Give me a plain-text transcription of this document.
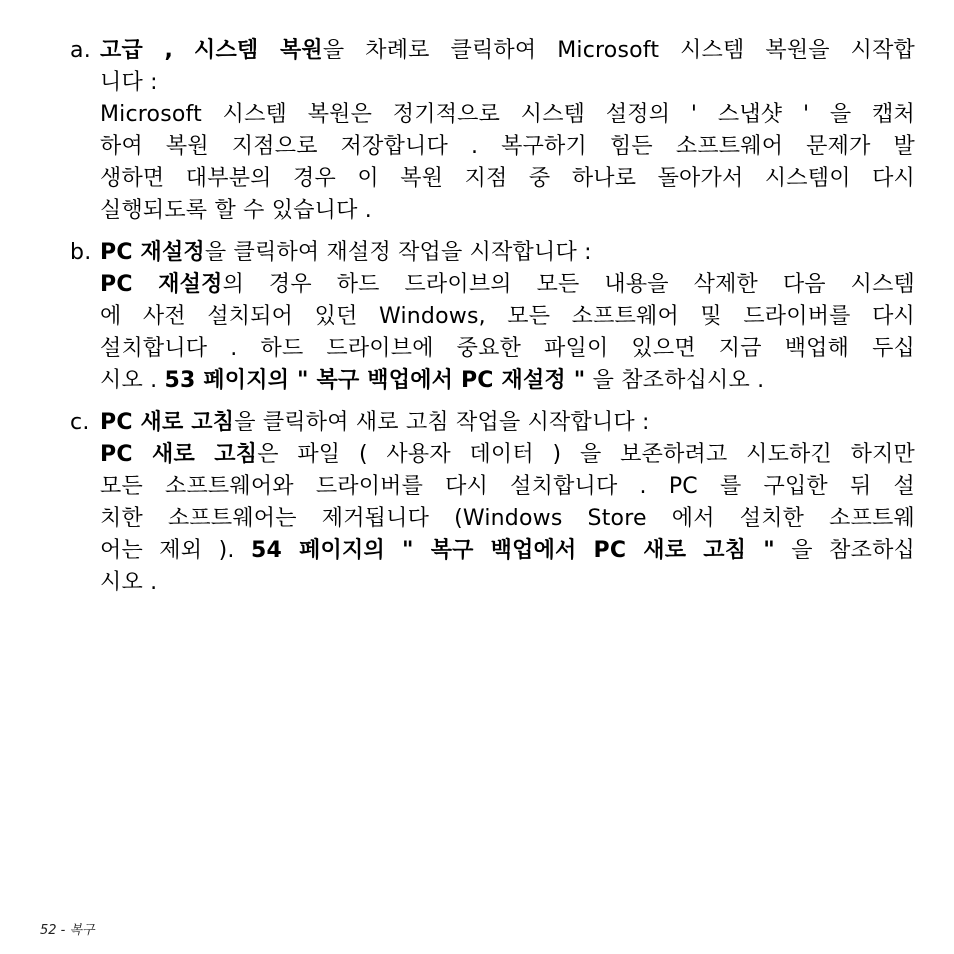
a. 고급 , 시스템 복원을 차례로 클릭하여 Microsoft 시스템 복원을 시작합
니다 :
Microsoft 시스템 복원은 정기적으로 시스템 설정의 ' 스냅샷 ' 을 캡처
하여 복원 지점으로 저장합니다 . 복구하기 힘든 소프트웨어 문제가 발
생하면 대부분의 경우 이 복원 지점 중 하나로 돌아가서 시스템이 다시
실행되도록 할 수 있습니다 .
b. PC 재설정을 클릭하여 재설정 작업을 시작합니다 :
PC 재설정의 경우 하드 드라이브의 모든 내용을 삭제한 다음 시스템
에 사전 설치되어 있던 Windows, 모든 소프트웨어 및 드라이버를 다시
설치합니다 . 하드 드라이브에 중요한 파일이 있으면 지금 백업해 두십
시오 . 53 페이지의 " 복구 백업에서 PC 재설정 " 을 참조하십시오 .
c. PC 새로 고침을 클릭하여 새로 고침 작업을 시작합니다 :
PC 새로 고침은 파일 ( 사용자 데이터 ) 을 보존하려고 시도하긴 하지만
모든 소프트웨어와 드라이버를 다시 설치합니다 . PC 를 구입한 뒤 설
치한 소프트웨어는 제거됩니다 (Windows Store 에서 설치한 소프트웨
어는 제외 ). 54 페이지의 " 복구 백업에서 PC 새로 고침 " 을 참조하십
시오 .
52 - 복구
